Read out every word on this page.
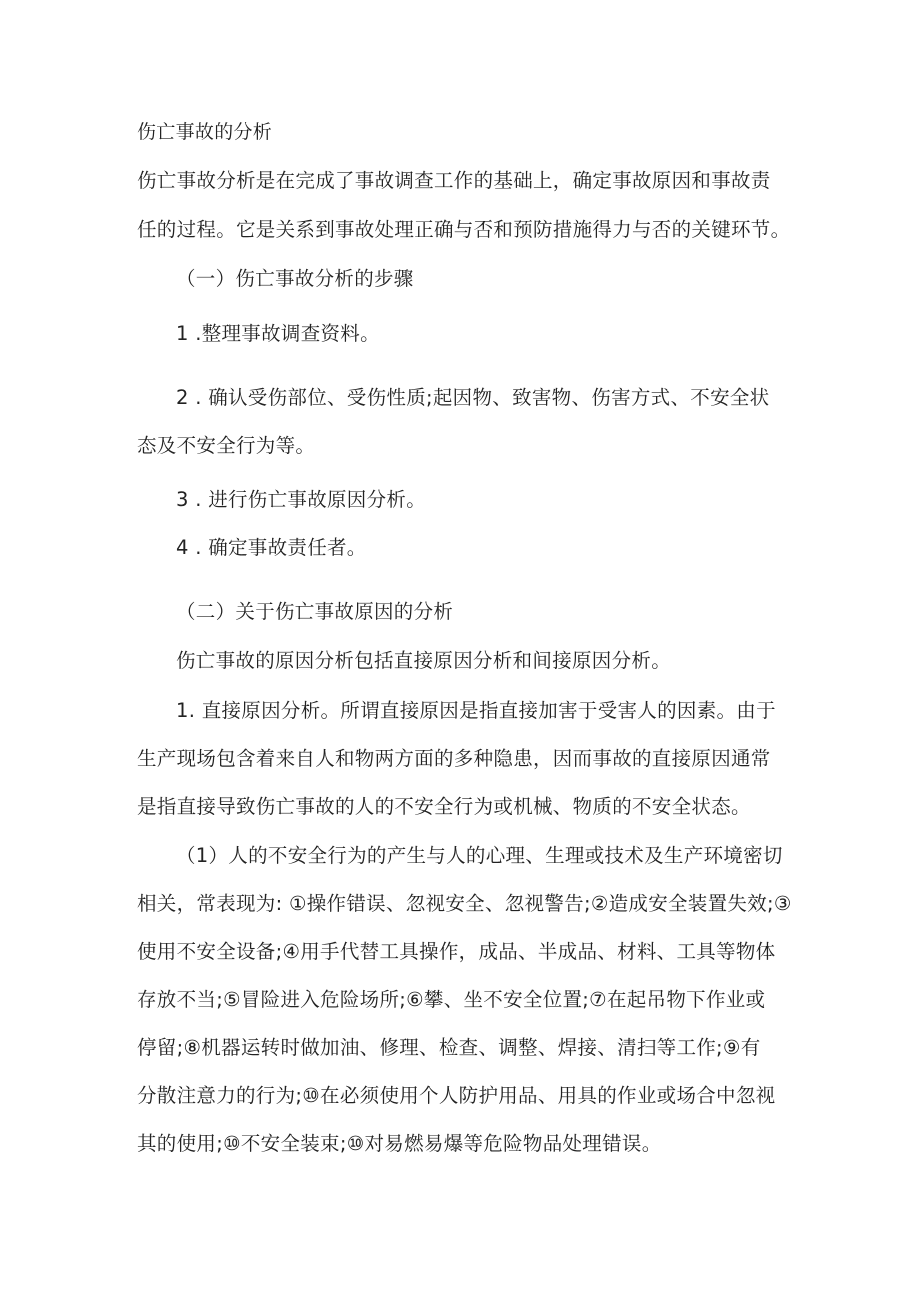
伤亡事故的分析
伤亡事故分析是在完成了事故调查工作的基础上，确定事故原因和事故责
任的过程。它是关系到事故处理正确与否和预防措施得力与否的关键环节。
（一）伤亡事故分析的步骤
1 .整理事故调查资料。
2 . 确认受伤部位、受伤性质;起因物、致害物、伤害方式、不安全状
态及不安全行为等。
3 . 进行伤亡事故原因分析。
4 . 确定事故责任者。
（二）关于伤亡事故原因的分析
伤亡事故的原因分析包括直接原因分析和间接原因分析。
1. 直接原因分析。所谓直接原因是指直接加害于受害人的因素。由于
生产现场包含着来自人和物两方面的多种隐患，因而事故的直接原因通常
是指直接导致伤亡事故的人的不安全行为或机械、物质的不安全状态。
（1）人的不安全行为的产生与人的心理、生理或技术及生产环境密切
相关，常表现为: ①操作错误、忽视安全、忽视警告;②造成安全装置失效;③
使用不安全设备;④用手代替工具操作，成品、半成品、材料、工具等物体
存放不当;⑤冒险进入危险场所;⑥攀、坐不安全位置;⑦在起吊物下作业或
停留;⑧机器运转时做加油、修理、检查、调整、焊接、清扫等工作;⑨有
分散注意力的行为;⑩在必须使用个人防护用品、用具的作业或场合中忽视
其的使用;⑩不安全装束;⑩对易燃易爆等危险物品处理错误。
